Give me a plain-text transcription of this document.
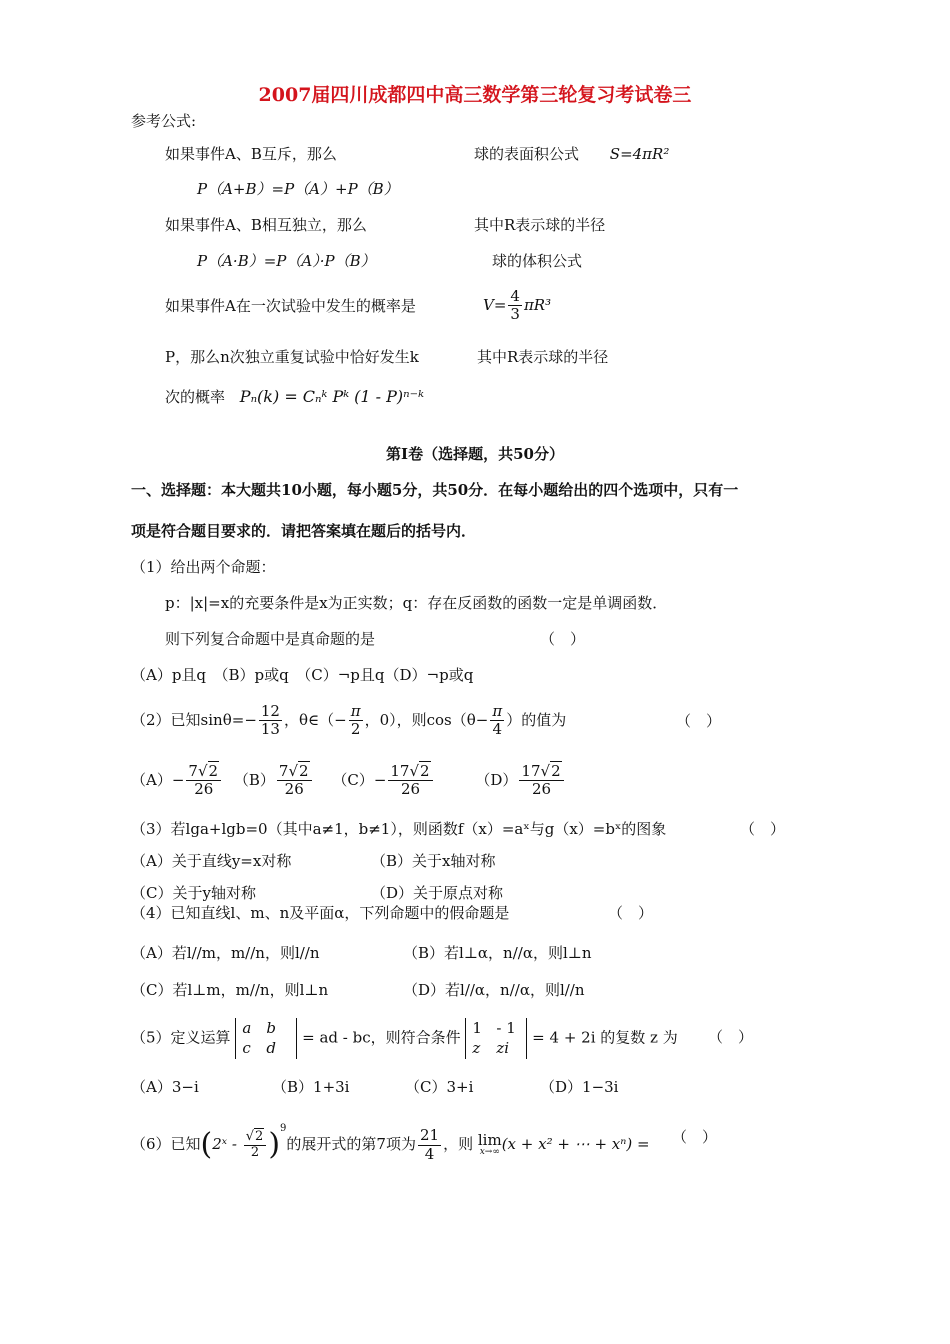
2007届四川成都四中高三数学第三轮复习考试卷三
参考公式:
如果事件A、B互斥，那么
P（A+B）=P（A）+P（B）
如果事件A、B相互独立，那么
P（A·B）=P（A）·P（B）
如果事件A在一次试验中发生的概率是
P，那么n次独立重复试验中恰好发生k
次的概率 Pₙ(k) = Cₙᵏ Pᵏ (1 - P)ⁿ⁻ᵏ
球的表面积公式 S=4πR²
其中R表示球的半径
球的体积公式
$V= \frac{4}{3} \pi R^3$
其中R表示球的半径
第Ⅰ卷（选择题，共50分）
一、选择题：本大题共10小题，每小题5分，共50分．在每小题给出的四个选项中，只有一
项是符合题目要求的．请把答案填在题后的括号内．
（1）给出两个命题：
p：|x|=x的充要条件是x为正实数；q：存在反函数的函数一定是单调函数．
则下列复合命题中是真命题的是	（　）
（A）p且q　（B）p或q　（C）¬p且q（D）¬p或q
（2）已知$\sin\theta=- \frac{12}{13}$ ，θ∈（− $\frac{\pi}{2}$ ，0），则$\cos(\theta- \frac{\pi}{4}$ ）的值为	（　）
$(A)- \frac{7√2}{26} (B) \frac{7√2}{26} (C)- \frac{17√2}{26}$	$(D) \frac{17√2}{26}$
（3）若lga+lgb=0（其中a≠1，b≠1），则函数f（x）=aˣ与g（x）=bˣ的图象	（　）
（A）关于直线y=x对称	（B）关于x轴对称
（C）关于y轴对称	（D）关于原点对称
（4）已知直线l、m、n及平面α，下列命题中的假命题是	（　）
（A）若l//m，m//n，则l//n	（B）若l⊥α，n//α，则l⊥n
（C）若l⊥m，m//n，则l⊥n	（D）若l//α，n//α，则l//n
（5）定义运算 a b
c d = ad - bc，则符合条件 1 - 1
z zi = 4 + 2i 的复数 z 为 （　）
（A）3−i	（B）1+3i	（C）3+i	（D）1−3i
（6）已知(2ˣ - $\frac{√2}{2} )^9$的展开式的第7项为 $\frac{21}{4}$ ，则 lim
x→∞ (x + x² + ⋯ + xⁿ) = （　）
